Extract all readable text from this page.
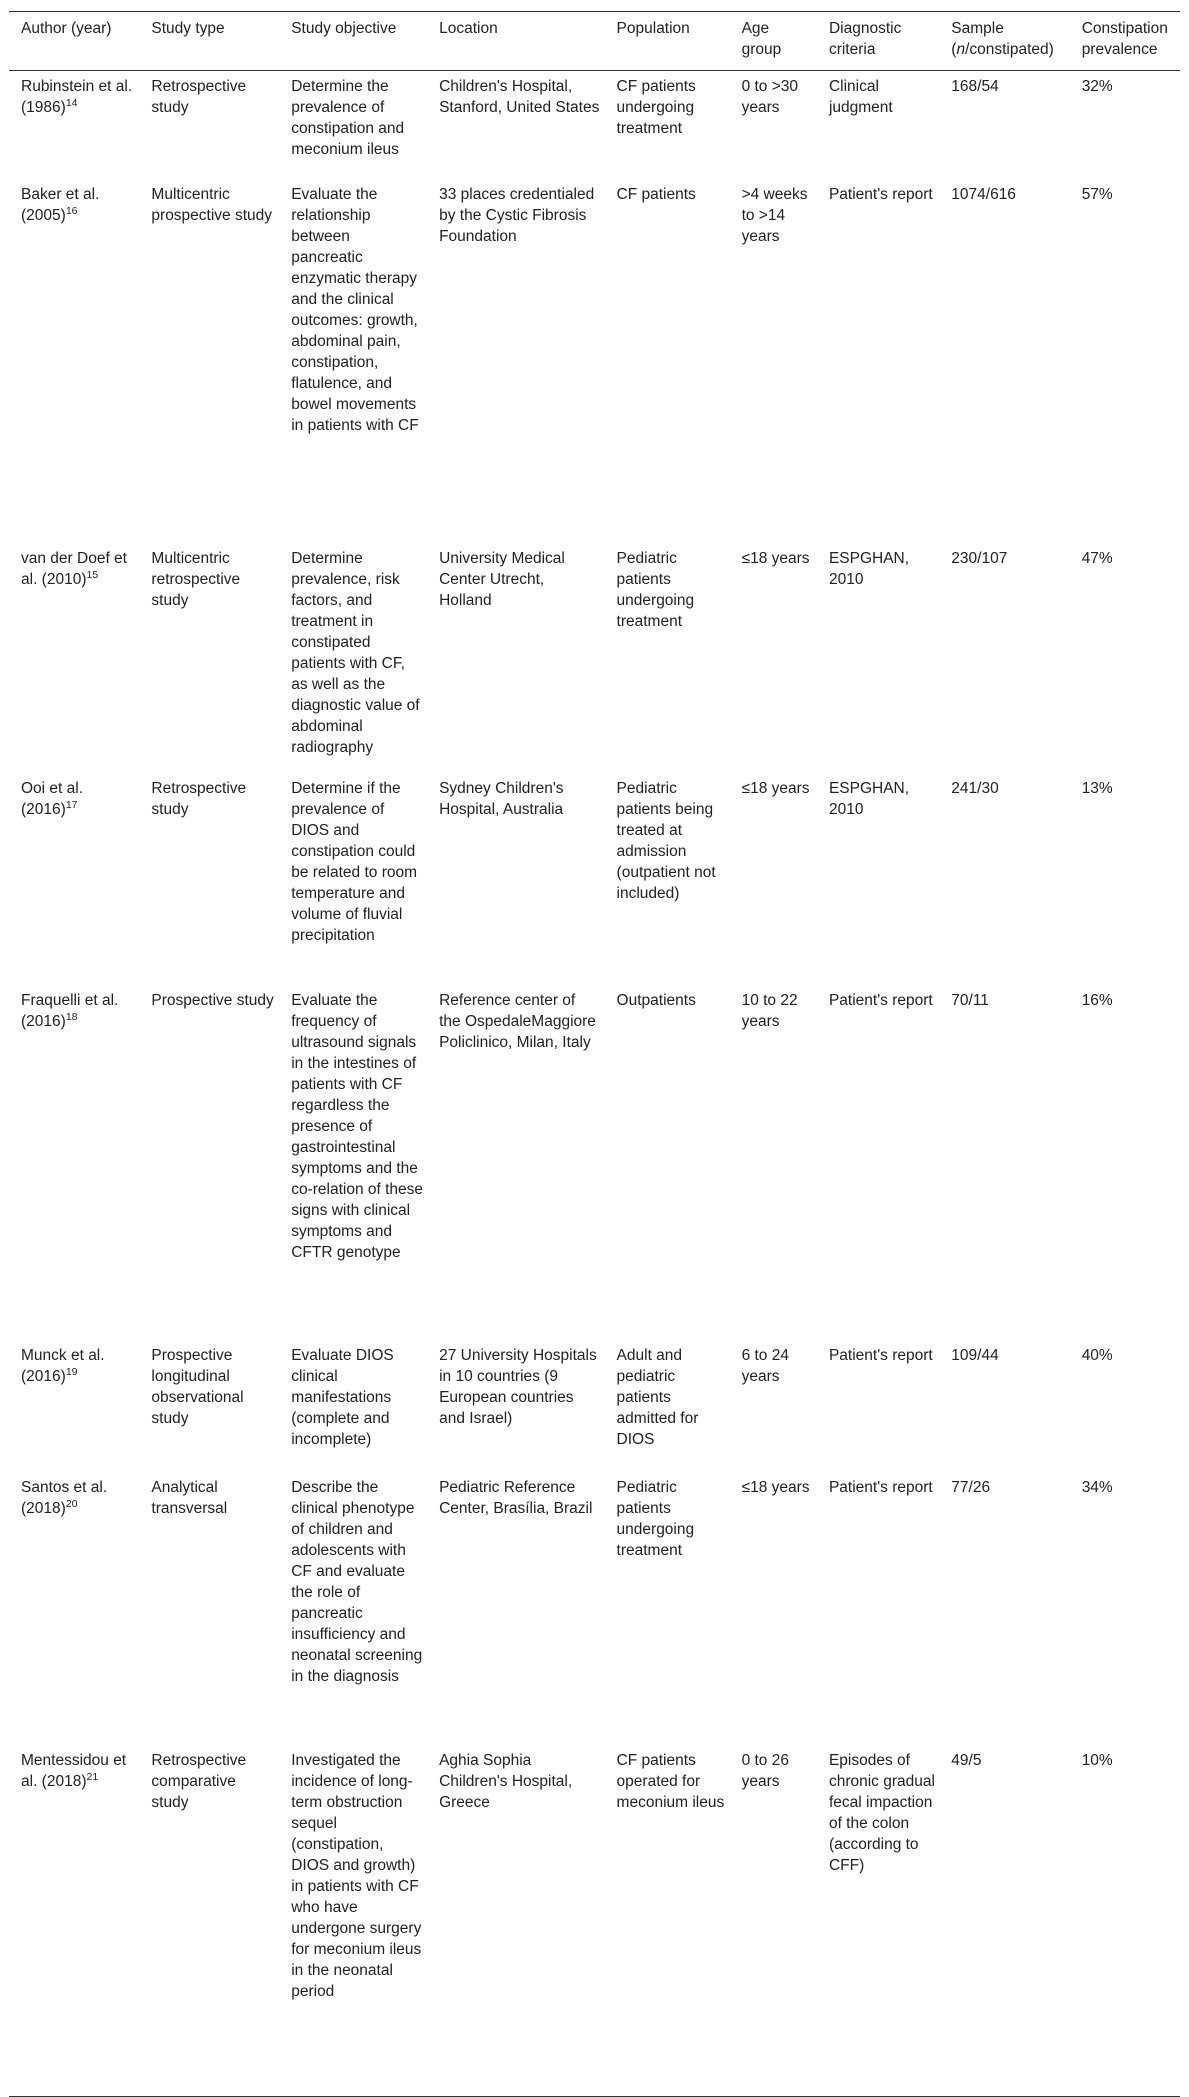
Author (year)	Study type	Study objective	Location	Population	Age group	Diagnostic criteria	Sample (n/constipated)	Constipation prevalence
Rubinstein et al. $(1986)^{14}$	Retrospective study	Determine the prevalence of constipation and meconium ileus	Children's Hospital, Stanford, United States	CF patients undergoing treatment	0 to >30 years	Clinical judgment	168/54	32%
Baker et al. $(2005)^{16}$	Multicentric prospective study	Evaluate the relationship between pancreatic enzymatic therapy and the clinical outcomes: growth, abdominal pain, constipation, flatulence, and bowel movements in patients with CF	33 places credentialed by the Cystic Fibrosis Foundation	CF patients	>4 weeks to >14 years	Patient's report	1074/616	57%
van der Doef et al. $(2010)^{15}$	Multicentric retrospective study	Determine prevalence, risk factors, and treatment in constipated patients with CF, as well as the diagnostic value of abdominal radiography	University Medical Center Utrecht, Holland	Pediatric patients undergoing treatment	≤18 years	ESPGHAN, 2010	230/107	47%
Ooi et al. $(2016)^{17}$	Retrospective study	Determine if the prevalence of DIOS and constipation could be related to room temperature and volume of fluvial precipitation	Sydney Children's Hospital, Australia	Pediatric patients being treated at admission (outpatient not included)	≤18 years	ESPGHAN, 2010	241/30	13%
Fraquelli et al. $(2016)^{18}$	Prospective study	Evaluate the frequency of ultrasound signals in the intestines of patients with CF regardless the presence of gastrointestinal symptoms and the co-relation of these signs with clinical symptoms and CFTR genotype	Reference center of the OspedaleMaggiore Policlinico, Milan, Italy	Outpatients	10 to 22 years	Patient's report	70/11	16%
Munck et al. $(2016)^{19}$	Prospective longitudinal observational study	Evaluate DIOS clinical manifestations (complete and incomplete)	27 University Hospitals in 10 countries (9 European countries and Israel)	Adult and pediatric patients admitted for DIOS	6 to 24 years	Patient's report	109/44	40%
Santos et al. $(2018)^{20}$	Analytical transversal	Describe the clinical phenotype of children and adolescents with CF and evaluate the role of pancreatic insufficiency and neonatal screening in the diagnosis	Pediatric Reference Center, Brasília, Brazil	Pediatric patients undergoing treatment	≤18 years	Patient's report	77/26	34%
Mentessidou et al. $(2018)^{21}$	Retrospective comparative study	Investigated the incidence of long-term obstruction sequel (constipation, DIOS and growth) in patients with CF who have undergone surgery for meconium ileus in the neonatal period	Aghia Sophia Children's Hospital, Greece	CF patients operated for meconium ileus	0 to 26 years	Episodes of chronic gradual fecal impaction of the colon (according to CFF)	49/5	10%
